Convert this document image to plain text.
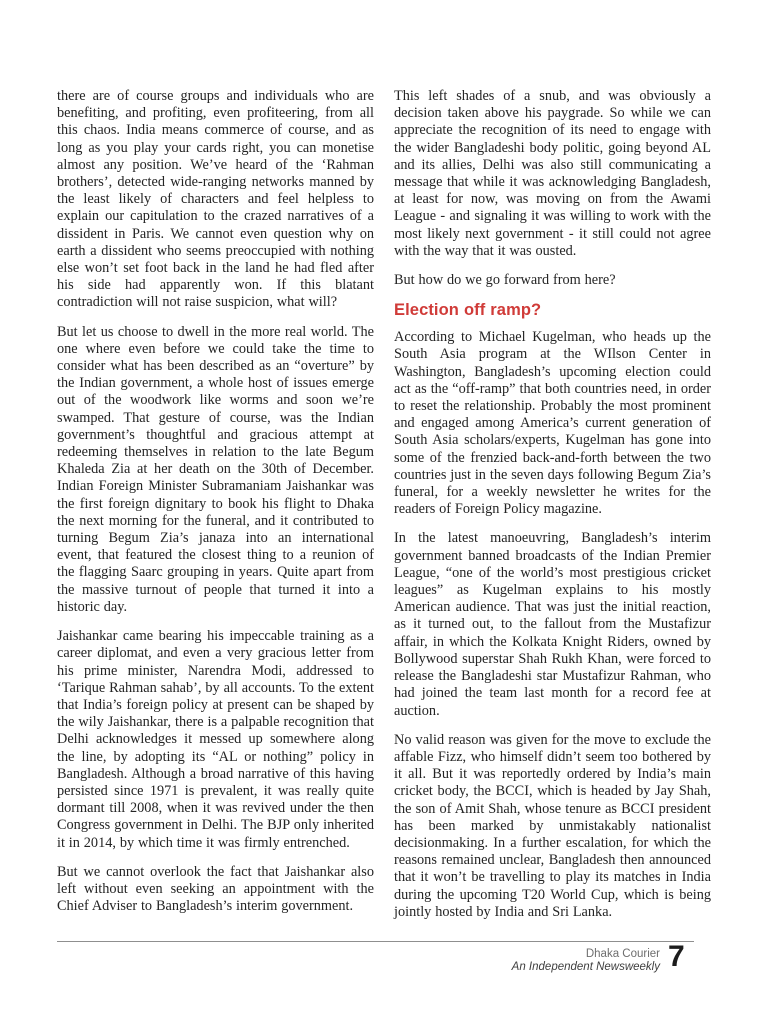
there are of course groups and individuals who are benefiting, and profiting, even profiteering, from all this chaos. India means commerce of course, and as long as you play your cards right, you can monetise almost any position. We’ve heard of the ‘Rahman brothers’, detected wide-ranging networks manned by the least likely of characters and feel helpless to explain our capitulation to the crazed narratives of a dissident in Paris. We cannot even question why on earth a dissident who seems preoccupied with nothing else won’t set foot back in the land he had fled after his side had apparently won. If this blatant contradiction will not raise suspicion, what will?

But let us choose to dwell in the more real world. The one where even before we could take the time to consider what has been described as an “overture” by the Indian government, a whole host of issues emerge out of the woodwork like worms and soon we’re swamped. That gesture of course, was the Indian government’s thoughtful and gracious attempt at redeeming themselves in relation to the late Begum Khaleda Zia at her death on the 30th of December. Indian Foreign Minister Subramaniam Jaishankar was the first foreign dignitary to book his flight to Dhaka the next morning for the funeral, and it contributed to turning Begum Zia’s janaza into an international event, that featured the closest thing to a reunion of the flagging Saarc grouping in years. Quite apart from the massive turnout of people that turned it into a historic day.

Jaishankar came bearing his impeccable training as a career diplomat, and even a very gracious letter from his prime minister, Narendra Modi, addressed to ‘Tarique Rahman sahab’, by all accounts. To the extent that India’s foreign policy at present can be shaped by the wily Jaishankar, there is a palpable recognition that Delhi acknowledges it messed up somewhere along the line, by adopting its “AL or nothing” policy in Bangladesh. Although a broad narrative of this having persisted since 1971 is prevalent, it was really quite dormant till 2008, when it was revived under the then Congress government in Delhi. The BJP only inherited it in 2014, by which time it was firmly entrenched.

But we cannot overlook the fact that Jaishankar also left without even seeking an appointment with the Chief Adviser to Bangladesh’s interim government.

This left shades of a snub, and was obviously a decision taken above his paygrade. So while we can appreciate the recognition of its need to engage with the wider Bangladeshi body politic, going beyond AL and its allies, Delhi was also still communicating a message that while it was acknowledging Bangladesh, at least for now, was moving on from the Awami League - and signaling it was willing to work with the most likely next government - it still could not agree with the way that it was ousted.

But how do we go forward from here?

Election off ramp?

According to Michael Kugelman, who heads up the South Asia program at the WIlson Center in Washington, Bangladesh’s upcoming election could act as the “off-ramp” that both countries need, in order to reset the relationship. Probably the most prominent and engaged among America’s current generation of South Asia scholars/experts, Kugelman has gone into some of the frenzied back-and-forth between the two countries just in the seven days following Begum Zia’s funeral, for a weekly newsletter he writes for the readers of Foreign Policy magazine.

In the latest manoeuvring, Bangladesh’s interim government banned broadcasts of the Indian Premier League, “one of the world’s most prestigious cricket leagues” as Kugelman explains to his mostly American audience. That was just the initial reaction, as it turned out, to the fallout from the Mustafizur affair, in which the Kolkata Knight Riders, owned by Bollywood superstar Shah Rukh Khan, were forced to release the Bangladeshi star Mustafizur Rahman, who had joined the team last month for a record fee at auction.

No valid reason was given for the move to exclude the affable Fizz, who himself didn’t seem too bothered by it all. But it was reportedly ordered by India’s main cricket body, the BCCI, which is headed by Jay Shah, the son of Amit Shah, whose tenure as BCCI president has been marked by unmistakably nationalist decisionmaking. In a further escalation, for which the reasons remained unclear, Bangladesh then announced that it won’t be travelling to play its matches in India during the upcoming T20 World Cup, which is being jointly hosted by India and Sri Lanka.

Dhaka Courier
An Independent Newsweekly 7
